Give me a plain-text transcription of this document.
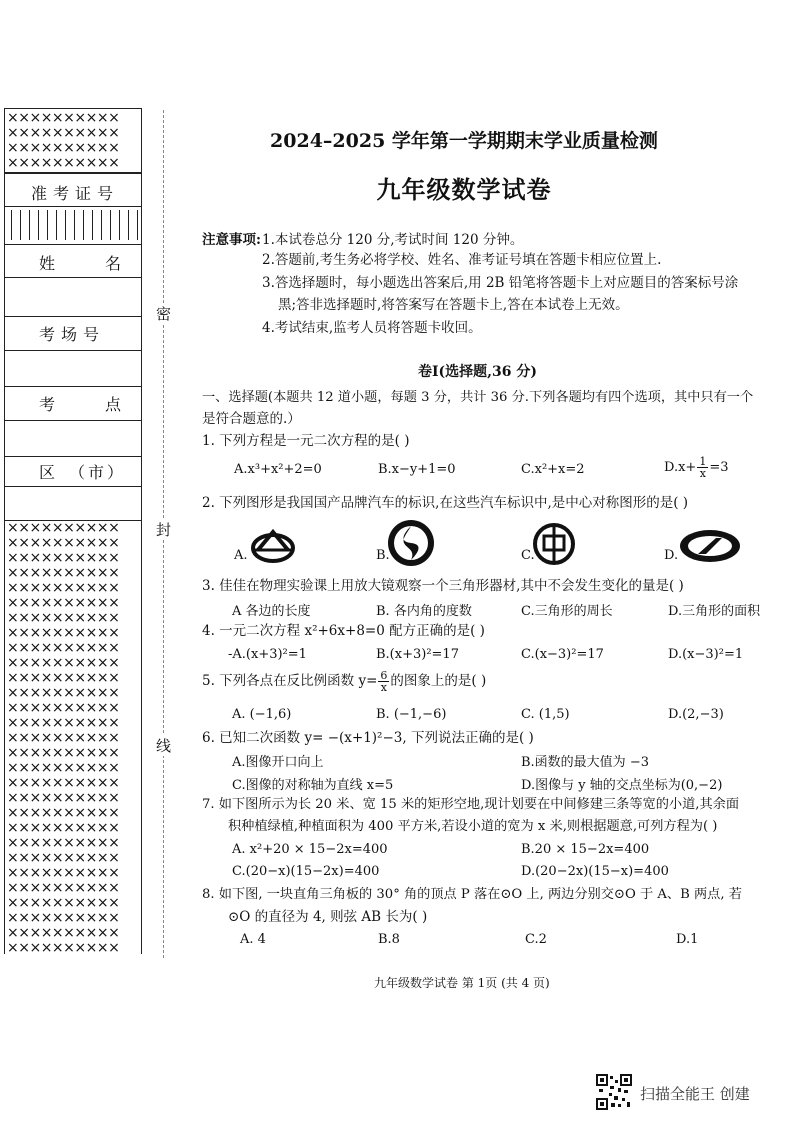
××××××××××
××××××××××
××××××××××
××××××××××
准考证号
姓　　名
考场号
考　　点
区　（市）
××××××××××
××××××××××
××××××××××
××××××××××
××××××××××
××××××××××
××××××××××
××××××××××
××××××××××
××××××××××
××××××××××
××××××××××
××××××××××
××××××××××
××××××××××
××××××××××
××××××××××
××××××××××
××××××××××
××××××××××
××××××××××
××××××××××
××××××××××
××××××××××
××××××××××
××××××××××
××××××××××
××××××××××
××××××××××
密
封
线
2024–2025 学年第一学期期末学业质量检测
九年级数学试卷
注意事项: 1.本试卷总分 120 分,考试时间 120 分钟。
2.答题前,考生务必将学校、姓名、准考证号填在答题卡相应位置上.
3.答选择题时，每小题选出答案后,用 2B 铅笔将答题卡上对应题目的答案标号涂
黑;答非选择题时,将答案写在答题卡上,答在本试卷上无效。
4.考试结束,监考人员将答题卡收回。
卷Ⅰ(选择题,36 分)
一、选择题(本题共 12 道小题，每题 3 分，共计 36 分.下列各题均有四个选项，其中只有一个
是符合题意的.）
1. 下列方程是一元二次方程的是( )
A.x³+x²+2=0	B.x−y+1=0	C.x²+x=2	$D.x+ \frac{1}{x} =3$
2. 下列图形是我国国产品牌汽车的标识,在这些汽车标识中,是中心对称图形的是( )
A.	B.	C.	D.
3. 佳佳在物理实验课上用放大镜观察一个三角形器材,其中不会发生变化的量是( )
A 各边的长度	B. 各内角的度数	C.三角形的周长	D.三角形的面积
4. 一元二次方程 x²+6x+8=0 配方正确的是( )
-A.(x+3)²=1	B.(x+3)²=17	C.(x−3)²=17	D.(x−3)²=1
5. 下列各点在反比例函数 $y= \frac{6}{x}$ 的图象上的是( )
A. (−1,6)	B. (−1,−6)	C. (1,5)	D.(2,−3)
6. 已知二次函数 y= −(x+1)²−3, 下列说法正确的是( )
A.图像开口向上	B.函数的最大值为 −3
C.图像的对称轴为直线 x=5	D.图像与 y 轴的交点坐标为(0,−2)
7. 如下图所示为长 20 米、宽 15 米的矩形空地,现计划要在中间修建三条等宽的小道,其余面
积种植绿植,种植面积为 400 平方米,若设小道的宽为 x 米,则根据题意,可列方程为( )
A. x²+20 × 15−2x=400	B.20 × 15−2x=400
C.(20−x)(15−2x)=400	D.(20−2x)(15−x)=400
8. 如下图, 一块直角三角板的 30° 角的顶点 P 落在⊙O 上, 两边分别交⊙O 于 A、B 两点, 若
⊙O 的直径为 4, 则弦 AB 长为( )
A. 4	B.8	C.2	D.1
九年级数学试卷 第 1页 (共 4 页)
扫描全能王 创建
